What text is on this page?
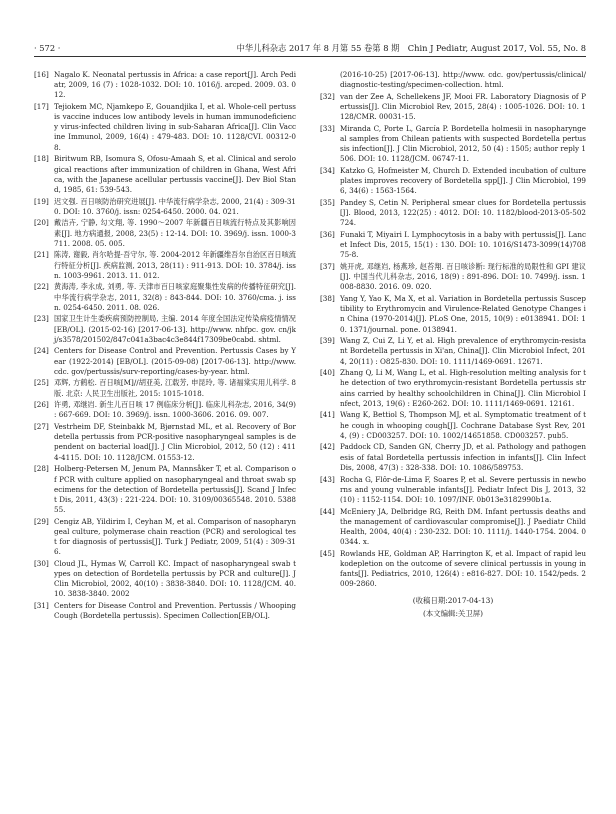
· 572 ·	中华儿科杂志 2017 年 8 月第 55 卷第 8 期　Chin J Pediatr, August 2017, Vol. 55, No. 8
[16] Nagalo K. Neonatal pertussis in Africa: a case report[J]. Arch Pediatr, 2009, 16 (7) : 1028-1032. DOI: 10. 1016/j. arcped. 2009. 03. 012.
[17] Tejiokem MC, Njamkepo E, Gouandjika I, et al. Whole-cell pertussis vaccine induces low antibody levels in human immunodeficiency virus-infected children living in sub-Saharan Africa[J]. Clin Vaccine Immunol, 2009, 16(4) : 479-483. DOI: 10. 1128/CVI. 00312-08.
[18] Biritwum RB, Isomura S, Ofosu-Amaah S, et al. Clinical and serological reactions after immunization of children in Ghana, West Africa, with the Japanese acellular pertussis vaccine[J]. Dev Biol Stand, 1985, 61: 539-543.
[19] 迟文强. 百日咳防治研究进展[J]. 中华流行病学杂志, 2000, 21(4) : 309-310. DOI: 10. 3760/j. issn: 0254-6450. 2000. 04. 021.
[20] 戴洁卉, 宁静, 勾文翔, 等. 1990～2007 年新疆百日咳流行特点及其影响因素[J]. 地方病通报, 2008, 23(5) : 12-14. DOI: 10. 3969/j. issn. 1000-3711. 2008. 05. 005.
[21] 陈涛, 谢毅, 肖尔哈提·吾守尔, 等. 2004-2012 年新疆维吾尔自治区百日咳流行特征分析[J]. 疾病监测, 2013, 28(11) : 911-913. DOI: 10. 3784/j. issn. 1003-9961. 2013. 11. 012.
[22] 黄海涛, 李永成, 刘勇, 等. 天津市百日咳家庭聚集性发病的传播特征研究[J]. 中华流行病学杂志, 2011, 32(8) : 843-844. DOI: 10. 3760/cma. j. issn. 0254-6450. 2011. 08. 026.
[23] 国家卫生计生委疾病预防控制局, 主编. 2014 年度全国法定传染病疫情情况[EB/OL]. (2015-02-16) [2017-06-13]. http://www. nhfpc. gov. cn/jkj/s3578/201502/847c041a3bac4c3e844f17309be0cabd. shtml.
[24] Centers for Disease Control and Prevention. Pertussis Cases by Year (1922-2014) [EB/OL]. (2015-09-08) [2017-06-13]. http://www. cdc. gov/pertussis/surv-reporting/cases-by-year. html.
[25] 邓辉, 方鹤松. 百日咳[M]//胡亚美, 江载芳, 申昆玲, 等. 诸福棠实用儿科学. 8 版. 北京: 人民卫生出版社, 2015: 1015-1018.
[26] 许勇, 邓继岿. 新生儿百日咳 17 例临床分析[J]. 临床儿科杂志, 2016, 34(9) : 667-669. DOI: 10. 3969/j. issn. 1000-3606. 2016. 09. 007.
[27] Vestrheim DF, Steinbakk M, Bjørnstad ML, et al. Recovery of Bordetella pertussis from PCR-positive nasopharyngeal samples is dependent on bacterial load[J]. J Clin Microbiol, 2012, 50 (12) : 4114-4115. DOI: 10. 1128/JCM. 01553-12.
[28] Holberg-Petersen M, Jenum PA, Mannsåker T, et al. Comparison of PCR with culture applied on nasopharyngeal and throat swab specimens for the detection of Bordetella pertussis[J]. Scand J Infect Dis, 2011, 43(3) : 221-224. DOI: 10. 3109/00365548. 2010. 538855.
[29] Cengiz AB, Yildirim I, Ceyhan M, et al. Comparison of nasopharyngeal culture, polymerase chain reaction (PCR) and serological test for diagnosis of pertussis[J]. Turk J Pediatr, 2009, 51(4) : 309-316.
[30] Cloud JL, Hymas W, Carroll KC. Impact of nasopharyngeal swab types on detection of Bordetella pertussis by PCR and culture[J]. J Clin Microbiol, 2002, 40(10) : 3838-3840. DOI: 10. 1128/JCM. 40. 10. 3838-3840. 2002
[31] Centers for Disease Control and Prevention. Pertussis / Whooping Cough (Bordetella pertussis). Specimen Collection[EB/OL].
(2016-10-25) [2017-06-13]. http://www. cdc. gov/pertussis/clinical/diagnostic-testing/specimen-collection. html.
[32] van der Zee A, Schellekens JF, Mooi FR. Laboratory Diagnosis of Pertussis[J]. Clin Microbiol Rev, 2015, 28(4) : 1005-1026. DOI: 10. 1128/CMR. 00031-15.
[33] Miranda C, Porte L, García P. Bordetella holmesii in nasopharyngeal samples from Chilean patients with suspected Bordetella pertussis infection[J]. J Clin Microbiol, 2012, 50 (4) : 1505; author reply 1506. DOI: 10. 1128/JCM. 06747-11.
[34] Katzko G, Hofmeister M, Church D. Extended incubation of culture plates improves recovery of Bordetella spp[J]. J Clin Microbiol, 1996, 34(6) : 1563-1564.
[35] Pandey S, Cetin N. Peripheral smear clues for Bordetella pertussis [J]. Blood, 2013, 122(25) : 4012. DOI: 10. 1182/blood-2013-05-502724.
[36] Funaki T, Miyairi I. Lymphocytosis in a baby with pertussis[J]. Lancet Infect Dis, 2015, 15(1) : 130. DOI: 10. 1016/S1473-3099(14)70875-8.
[37] 姚开虎, 邓继岿, 杨燕珍, 赵苔翔. 百日咳诊断: 现行标准的局限性和 GPI 建议[J]. 中国当代儿科杂志, 2016, 18(9) : 891-896. DOI: 10. 7499/j. issn. 1008-8830. 2016. 09. 020.
[38] Yang Y, Yao K, Ma X, et al. Variation in Bordetella pertussis Susceptibility to Erythromycin and Virulence-Related Genotype Changes in China (1970-2014)[J]. PLoS One, 2015, 10(9) : e0138941. DOI: 10. 1371/journal. pone. 0138941.
[39] Wang Z, Cui Z, Li Y, et al. High prevalence of erythromycin-resistant Bordetella pertussis in Xi'an, China[J]. Clin Microbiol Infect, 2014, 20(11) : O825-830. DOI: 10. 1111/1469-0691. 12671.
[40] Zhang Q, Li M, Wang L, et al. High-resolution melting analysis for the detection of two erythromycin-resistant Bordetella pertussis strains carried by healthy schoolchildren in China[J]. Clin Microbiol Infect, 2013, 19(6) : E260-262. DOI: 10. 1111/1469-0691. 12161.
[41] Wang K, Bettiol S, Thompson MJ, et al. Symptomatic treatment of the cough in whooping cough[J]. Cochrane Database Syst Rev, 2014, (9) : CD003257. DOI: 10. 1002/14651858. CD003257. pub5.
[42] Paddock CD, Sanden GN, Cherry JD, et al. Pathology and pathogenesis of fatal Bordetella pertussis infection in infants[J]. Clin Infect Dis, 2008, 47(3) : 328-338. DOI: 10. 1086/589753.
[43] Rocha G, Flôr-de-Lima F, Soares P, et al. Severe pertussis in newborns and young vulnerable infants[J]. Pediatr Infect Dis J, 2013, 32 (10) : 1152-1154. DOI: 10. 1097/INF. 0b013e3182990b1a.
[44] McEniery JA, Delbridge RG, Reith DM. Infant pertussis deaths and the management of cardiovascular compromise[J]. J Paediatr Child Health, 2004, 40(4) : 230-232. DOI: 10. 1111/j. 1440-1754. 2004. 00344. x.
[45] Rowlands HE, Goldman AP, Harrington K, et al. Impact of rapid leukodepletion on the outcome of severe clinical pertussis in young infants[J]. Pediatrics, 2010, 126(4) : e816-827. DOI: 10. 1542/peds. 2009-2860.
(收稿日期:2017-04-13)
(本文编辑:关卫屏)
